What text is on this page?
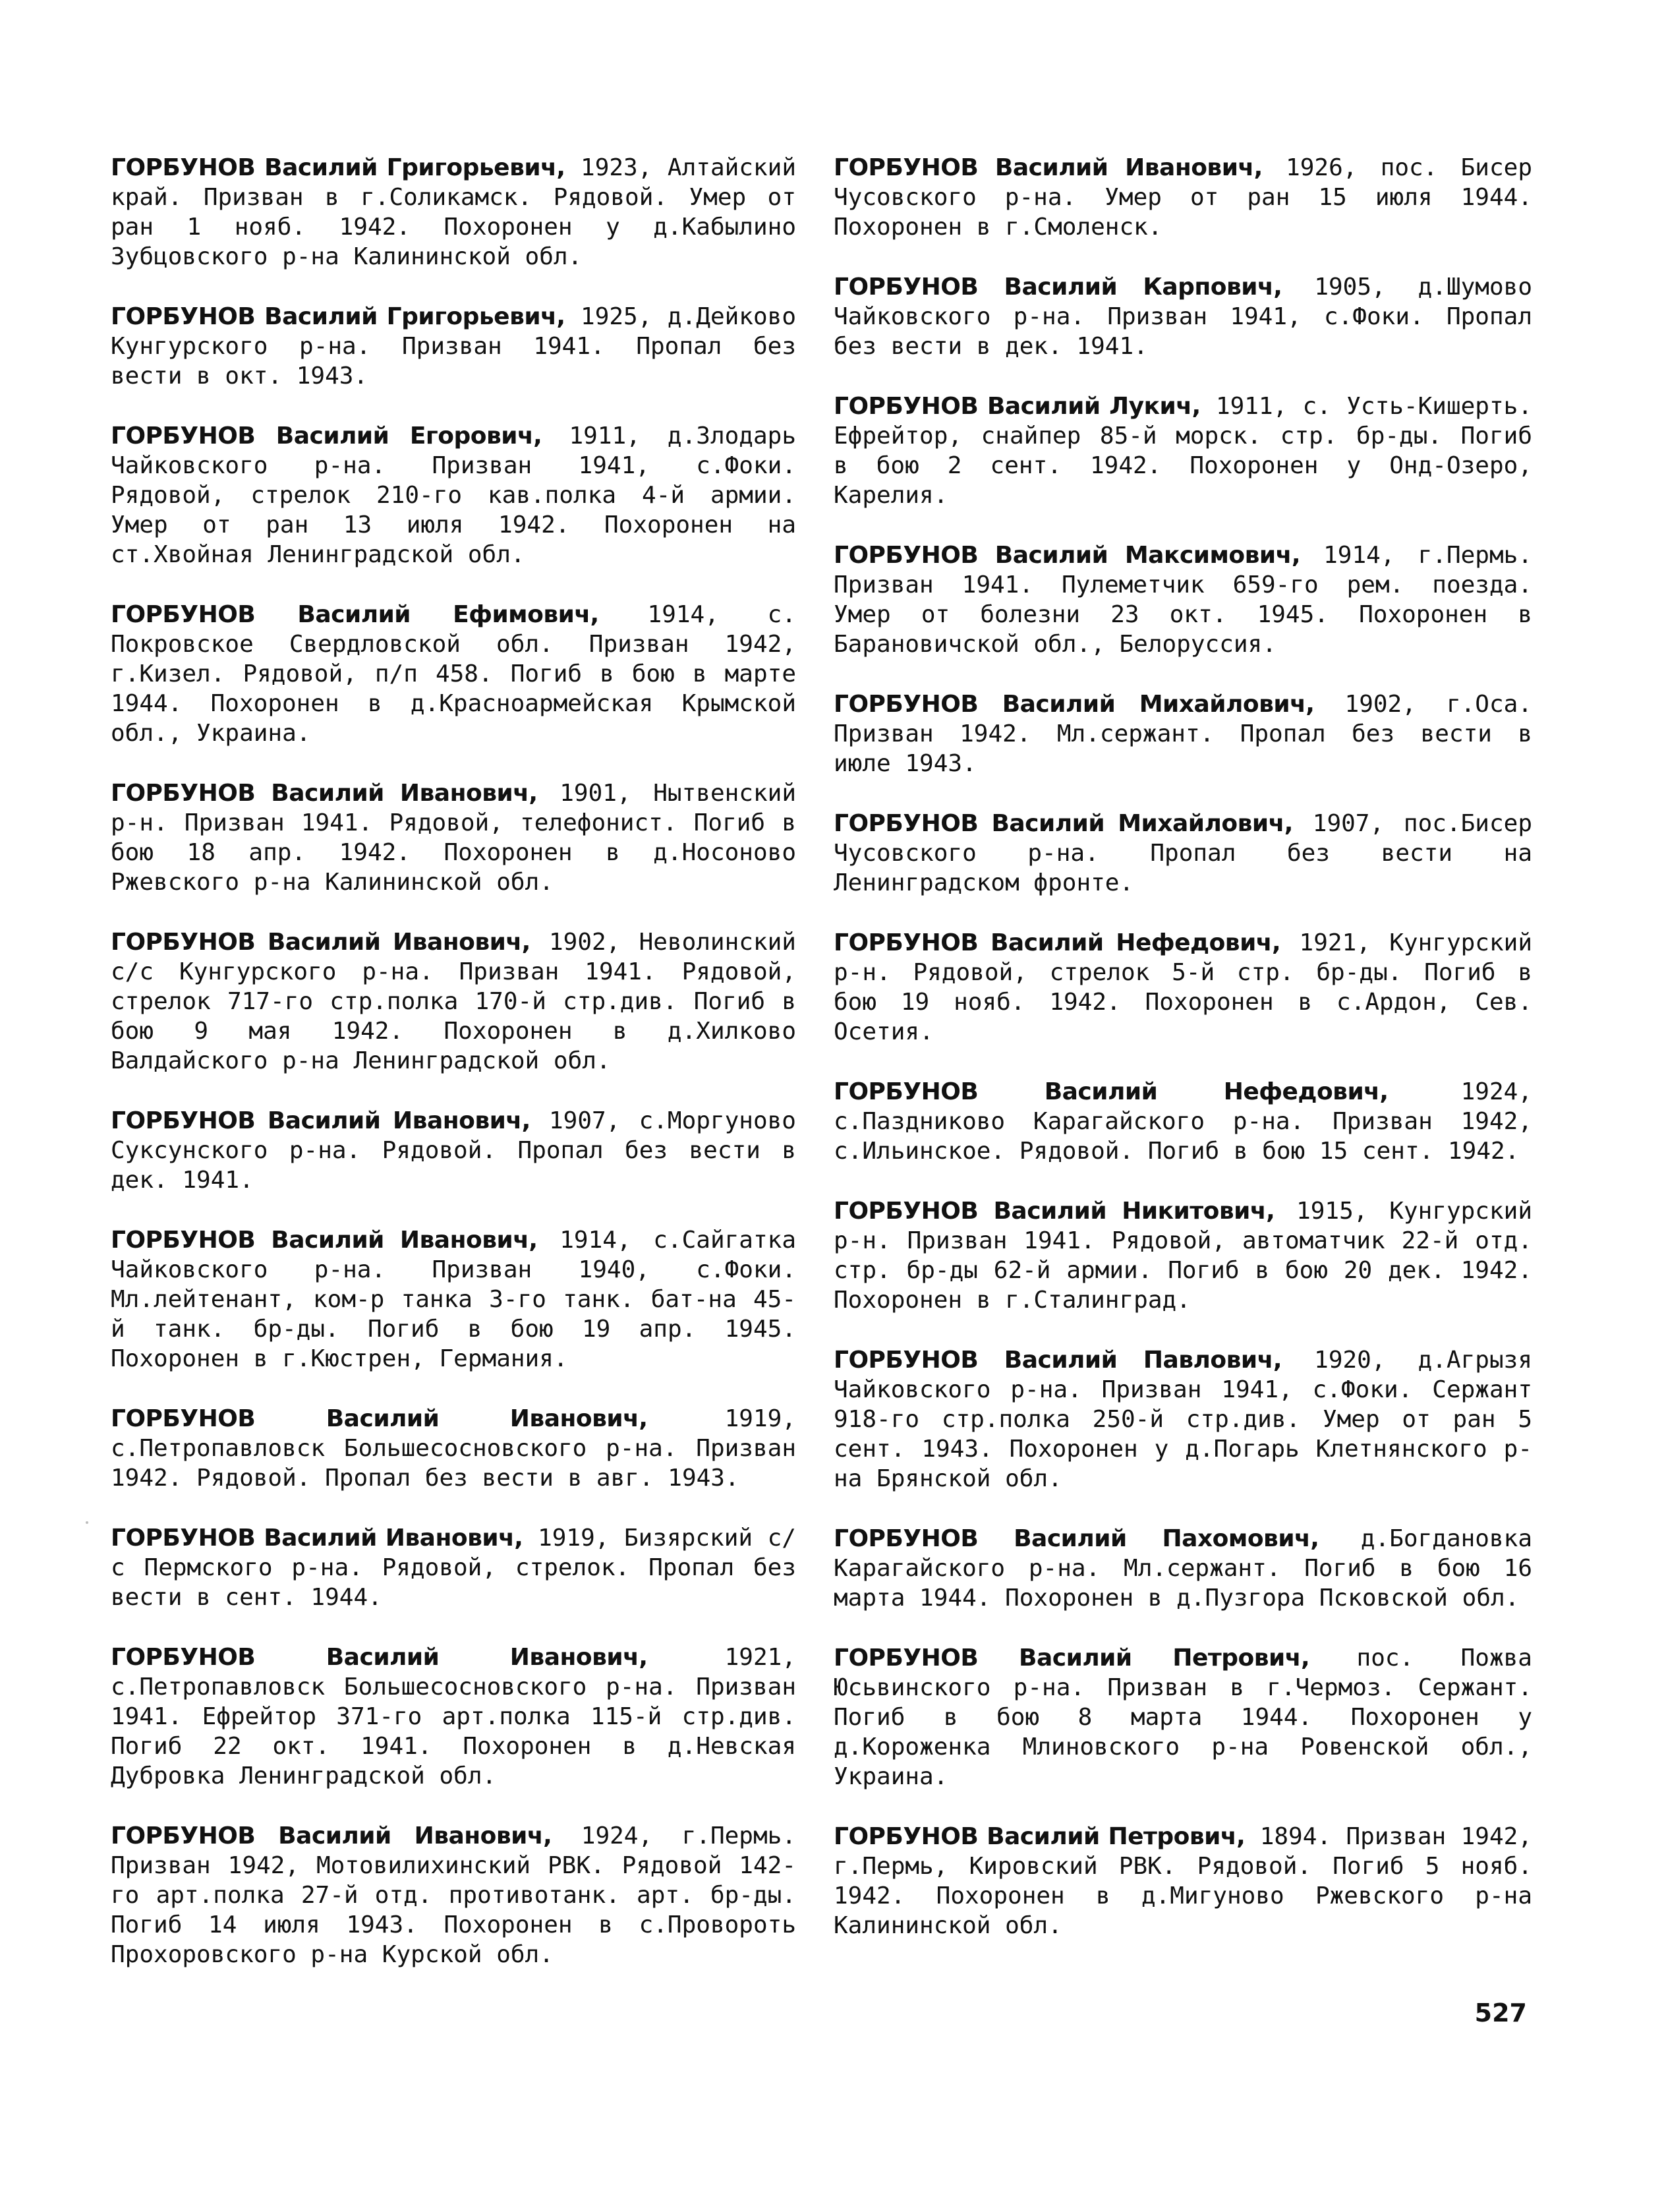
ГОРБУНОВ Василий Григорьевич, 1923, Алтайский край. Призван в г.Соликамск. Рядовой. Умер от ран 1 нояб. 1942. Похоронен у д.Кабылино Зубцовского р-на Калининской обл.

ГОРБУНОВ Василий Григорьевич, 1925, д.Дейково Кунгурского р-на. Призван 1941. Пропал без вести в окт. 1943.

ГОРБУНОВ Василий Егорович, 1911, д.Злодарь Чайковского р-на. Призван 1941, с.Фоки. Рядовой, стрелок 210-го кав.полка 4-й армии. Умер от ран 13 июля 1942. Похоронен на ст.Хвойная Ленинградской обл.

ГОРБУНОВ Василий Ефимович, 1914, с. Покровское Свердловской обл. Призван 1942, г.Кизел. Рядовой, п/п 458. Погиб в бою в марте 1944. Похоронен в д.Красноармейская Крымской обл., Украина.

ГОРБУНОВ Василий Иванович, 1901, Нытвенский р-н. Призван 1941. Рядовой, телефонист. Погиб в бою 18 апр. 1942. Похоронен в д.Носоново Ржевского р-на Калининской обл.

ГОРБУНОВ Василий Иванович, 1902, Неволинский с/с Кунгурского р-на. Призван 1941. Рядовой, стрелок 717-го стр.полка 170-й стр.див. Погиб в бою 9 мая 1942. Похоронен в д.Хилково Валдайского р-на Ленинградской обл.

ГОРБУНОВ Василий Иванович, 1907, с.Моргуново Суксунского р-на. Рядовой. Пропал без вести в дек. 1941.

ГОРБУНОВ Василий Иванович, 1914, с.Сайгатка Чайковского р-на. Призван 1940, с.Фоки. Мл.лейтенант, ком-р танка 3-го танк. бат-на 45-й танк. бр-ды. Погиб в бою 19 апр. 1945. Похоронен в г.Кюстрен, Германия.

ГОРБУНОВ Василий Иванович,	1919, с.Петропавловск Большесосновского р-на. Призван 1942. Рядовой. Пропал без вести в авг. 1943.

ГОРБУНОВ Василий Иванович, 1919, Бизярский с/с Пермского р-на. Рядовой, стрелок. Пропал без вести в сент. 1944.

ГОРБУНОВ Василий Иванович,	1921, с.Петропавловск Большесосновского р-на. Призван 1941. Ефрейтор 371-го арт.полка 115-й стр.див. Погиб 22 окт. 1941. Похоронен в д.Невская Дубровка Ленинградской обл.

ГОРБУНОВ Василий Иванович, 1924, г.Пермь. Призван 1942, Мотовилихинский РВК. Рядовой 142-го арт.полка 27-й отд. противотанк. арт. бр-ды. Погиб 14 июля 1943. Похоронен в с.Провороть Прохоровского р-на Курской обл.

ГОРБУНОВ Василий Иванович, 1926, пос. Бисер Чусовского р-на. Умер от ран 15 июля 1944. Похоронен в г.Смоленск.

ГОРБУНОВ Василий Карпович, 1905, д.Шумово Чайковского р-на. Призван 1941, с.Фоки. Пропал без вести в дек. 1941.

ГОРБУНОВ Василий Лукич, 1911, с. Усть-Кишерть. Ефрейтор, снайпер 85-й морск. стр. бр-ды. Погиб в бою 2 сент. 1942. Похоронен у Онд-Озеро, Карелия.

ГОРБУНОВ Василий Максимович, 1914, г.Пермь. Призван 1941. Пулеметчик 659-го рем. поезда. Умер от болезни 23 окт. 1945. Похоронен в Барановичской обл., Белоруссия.

ГОРБУНОВ Василий Михайлович, 1902, г.Оса. Призван 1942. Мл.сержант. Пропал без вести в июле 1943.

ГОРБУНОВ Василий Михайлович, 1907, пос.Бисер Чусовского р-на. Пропал без вести на Ленинградском фронте.

ГОРБУНОВ Василий Нефедович, 1921, Кунгурский р-н. Рядовой, стрелок 5-й стр. бр-ды. Погиб в бою 19 нояб. 1942. Похоронен в с.Ардон, Сев. Осетия.

ГОРБУНОВ Василий Нефедович,	1924, с.Паздниково Карагайского р-на. Призван 1942, с.Ильинское. Рядовой. Погиб в бою 15 сент. 1942.

ГОРБУНОВ Василий Никитович, 1915, Кунгурский р-н. Призван 1941. Рядовой, автоматчик 22-й отд. стр. бр-ды 62-й армии. Погиб в бою 20 дек. 1942. Похоронен в г.Сталинград.

ГОРБУНОВ Василий Павлович, 1920, д.Агрызя Чайковского р-на. Призван 1941, с.Фоки. Сержант 918-го стр.полка 250-й стр.див. Умер от ран 5 сент. 1943. Похоронен у д.Погарь Клетнянского р-на Брянской обл.

ГОРБУНОВ Василий Пахомович, д.Богдановка Карагайского р-на. Мл.сержант. Погиб в бою 16 марта 1944. Похоронен в д.Пузгора Псковской обл.

ГОРБУНОВ Василий Петрович, пос. Пожва Юсьвинского р-на. Призван в г.Чермоз. Сержант. Погиб в бою 8 марта 1944. Похоронен у д.Короженка Млиновского р-на Ровенской обл., Украина.

ГОРБУНОВ Василий Петрович, 1894. Призван 1942, г.Пермь, Кировский РВК. Рядовой. Погиб 5 нояб. 1942. Похоронен в д.Мигуново Ржевского р-на Калининской обл.

527
